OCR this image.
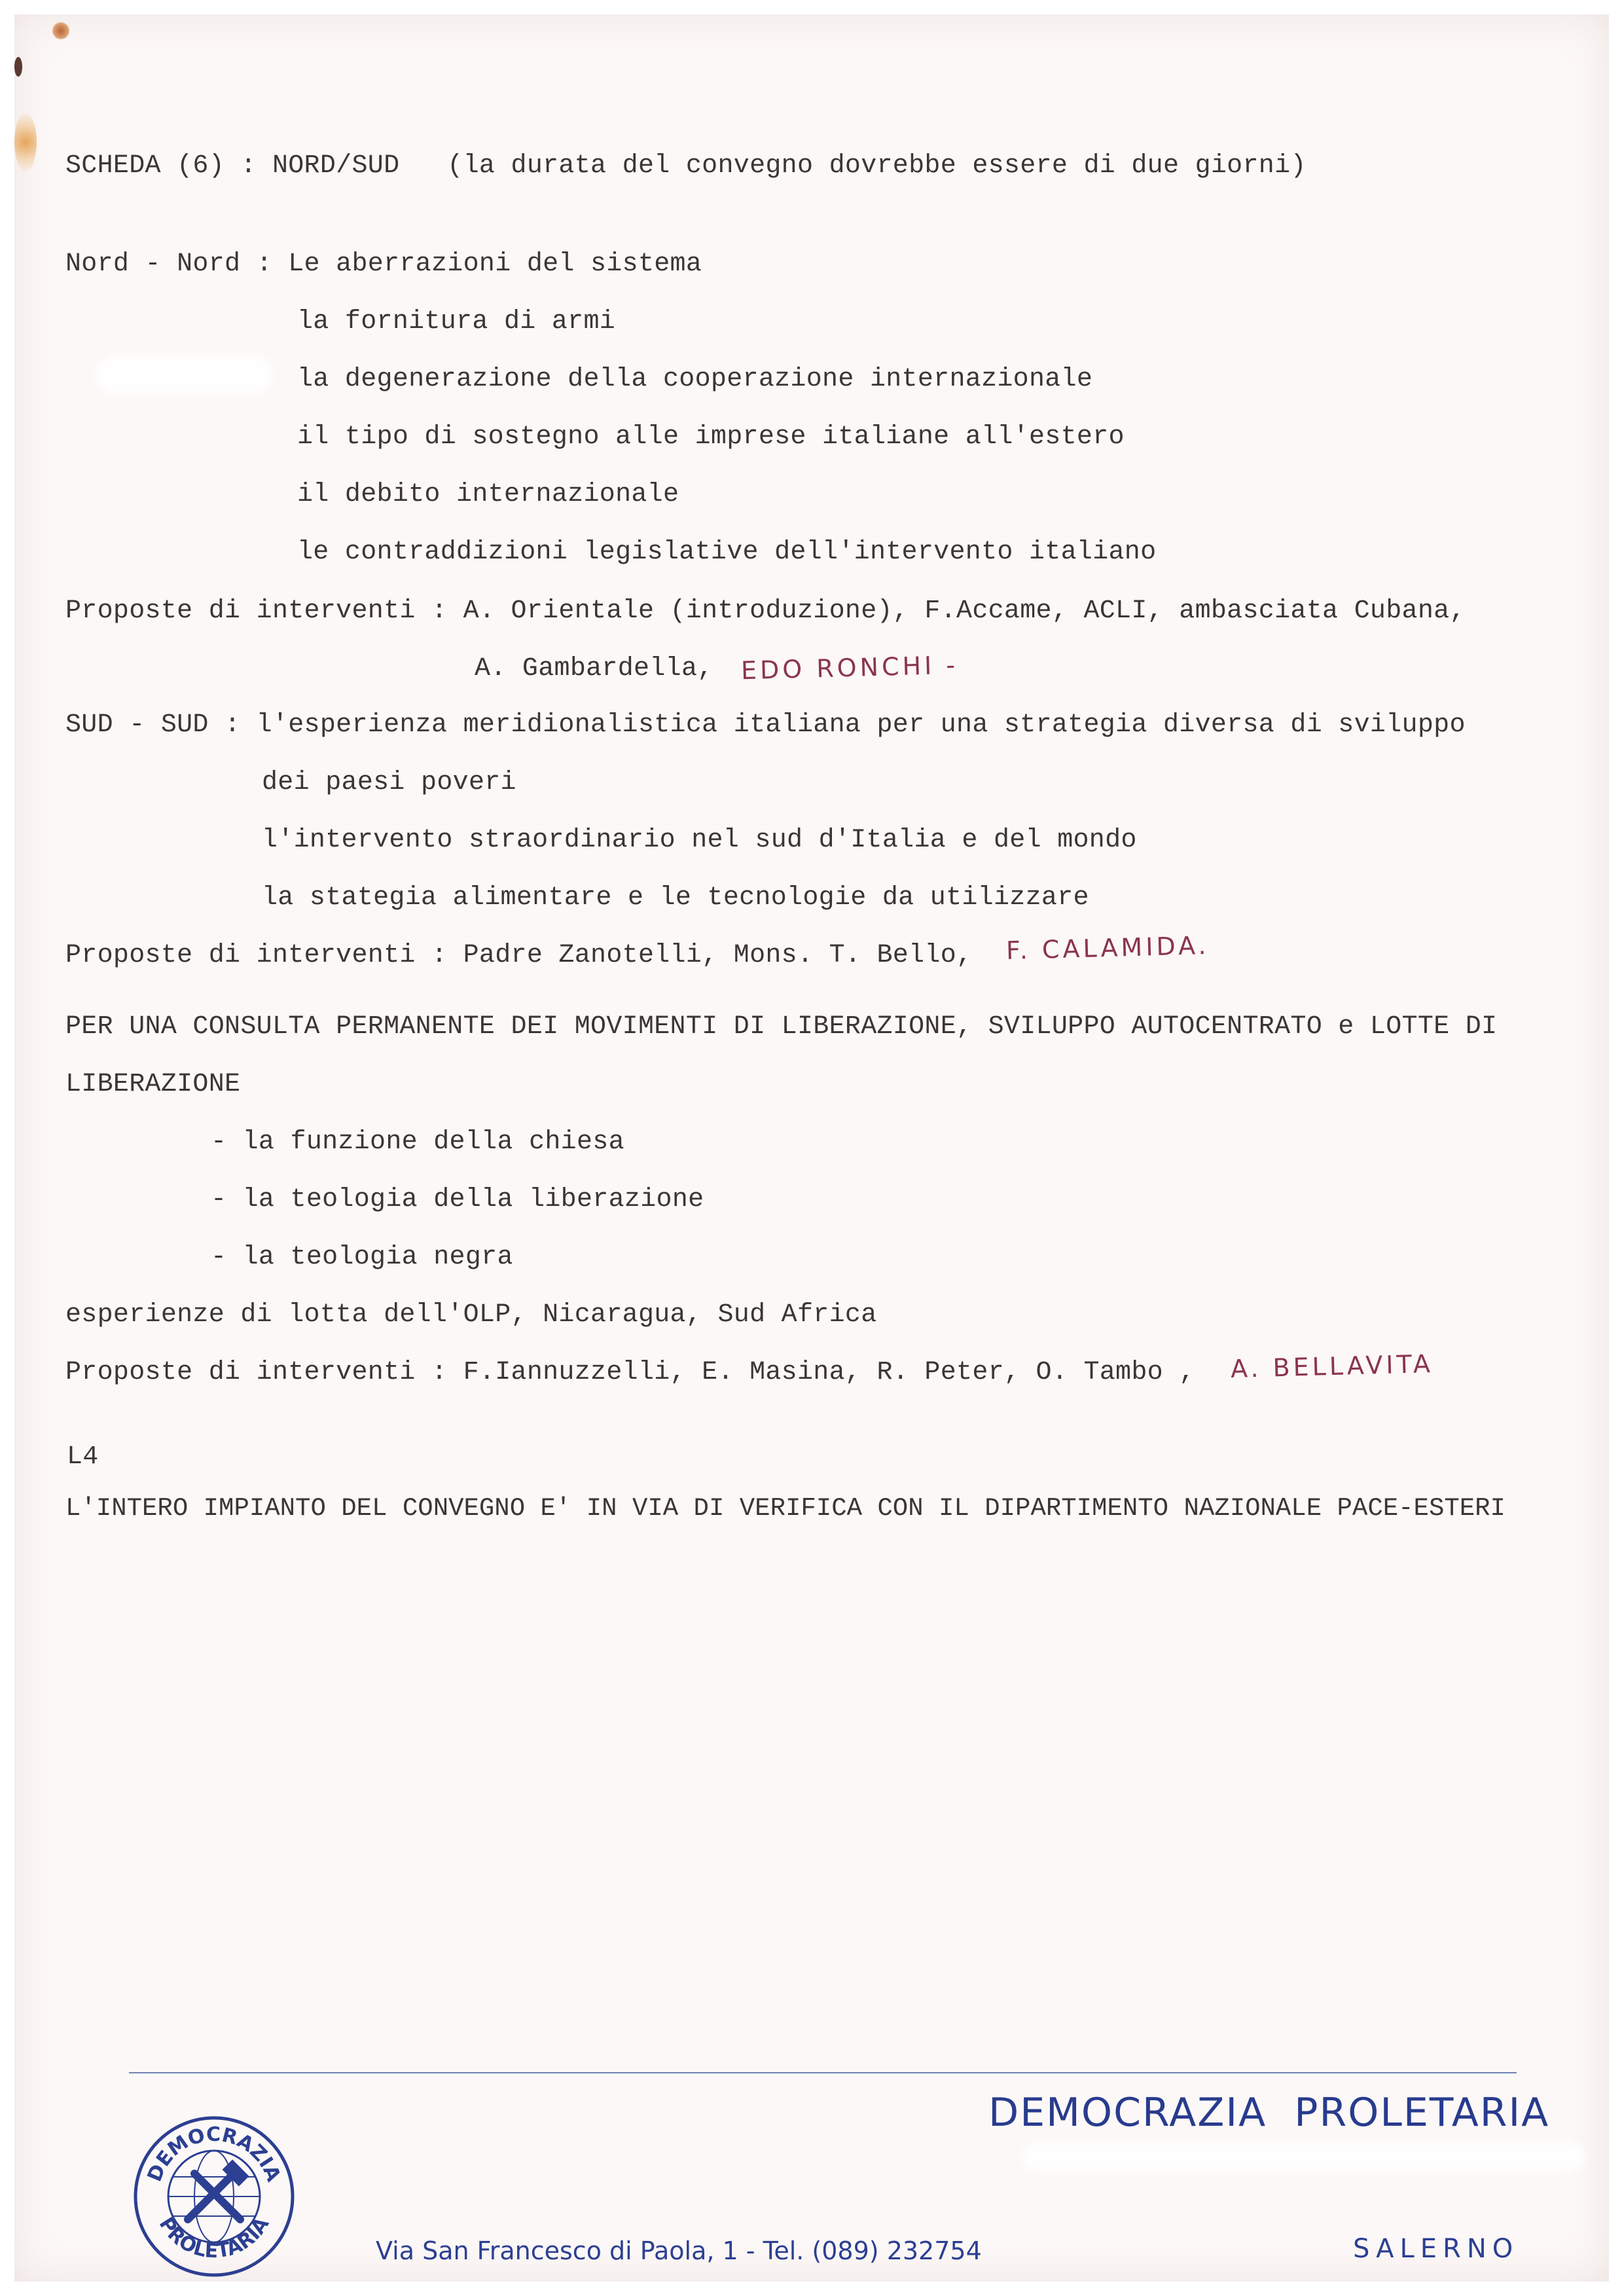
SCHEDA (6) : NORD/SUD   (la durata del convegno dovrebbe essere di due giorni)
Nord - Nord : Le aberrazioni del sistema
la fornitura di armi
la degenerazione della cooperazione internazionale
il tipo di sostegno alle imprese italiane all'estero
il debito internazionale
le contraddizioni legislative dell'intervento italiano
Proposte di interventi : A. Orientale (introduzione), F.Accame, ACLI, ambasciata Cubana,
A. Gambardella, EDO RONCHI -
SUD - SUD : l'esperienza meridionalistica italiana per una strategia diversa di sviluppo
dei paesi poveri
l'intervento straordinario nel sud d'Italia e del mondo
la stategia alimentare e le tecnologie da utilizzare
Proposte di interventi : Padre Zanotelli, Mons. T. Bello, F. CALAMIDA.
PER UNA CONSULTA PERMANENTE DEI MOVIMENTI DI LIBERAZIONE, SVILUPPO AUTOCENTRATO e LOTTE DI
LIBERAZIONE
- la funzione della chiesa
- la teologia della liberazione
- la teologia negra
esperienze di lotta dell'OLP, Nicaragua, Sud Africa
Proposte di interventi : F.Iannuzzelli, E. Masina, R. Peter, O. Tambo , A. BELLAVITA
L4
L'INTERO IMPIANTO DEL CONVEGNO E' IN VIA DI VERIFICA CON IL DIPARTIMENTO NAZIONALE PACE-ESTERI
DEMOCRAZIA  PROLETARIA
DEMOCRAZIA
PROLETARIA
Via San Francesco di Paola, 1 - Tel. (089) 232754	SALERNO
